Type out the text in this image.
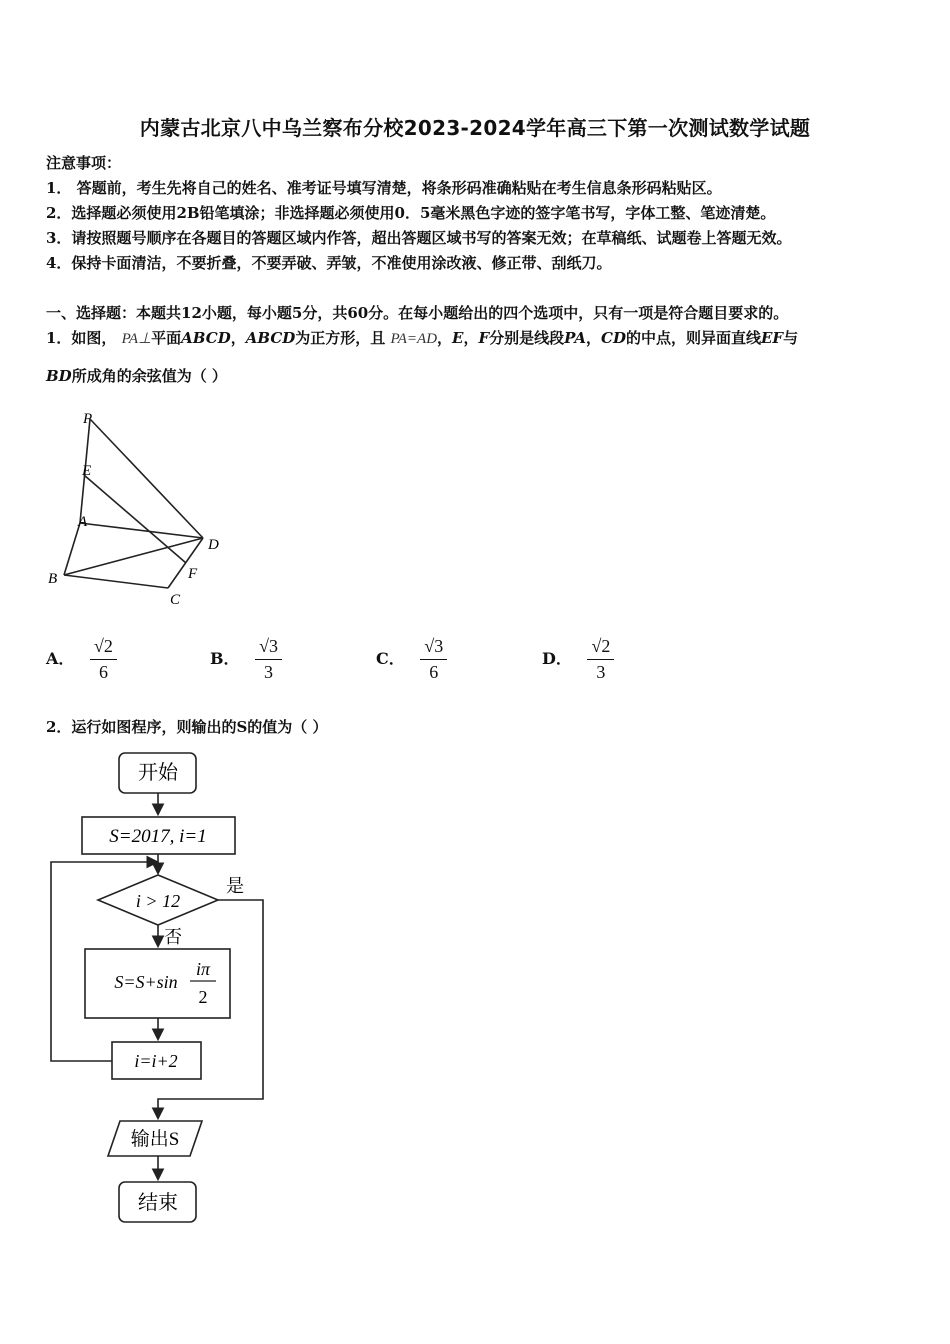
内蒙古北京八中乌兰察布分校2023-2024学年高三下第一次测试数学试题
注意事项：
1． 答题前，考生先将自己的姓名、准考证号填写清楚，将条形码准确粘贴在考生信息条形码粘贴区。
2．选择题必须使用2B铅笔填涂；非选择题必须使用0．5毫米黑色字迹的签字笔书写，字体工整、笔迹清楚。
3．请按照题号顺序在各题目的答题区域内作答，超出答题区域书写的答案无效；在草稿纸、试题卷上答题无效。
4．保持卡面清洁，不要折叠，不要弄破、弄皱，不准使用涂改液、修正带、刮纸刀。
一、选择题：本题共12小题，每小题5分，共60分。在每小题给出的四个选项中，只有一项是符合题目要求的。
1．如图， PA⊥平面ABCD，ABCD为正方形，且 PA=AD，E，F分别是线段PA，CD的中点，则异面直线EF与
BD所成角的余弦值为（ ）
P
E
A
D
B	F
C
A． $\frac{√2}{6}$	B． $\frac{√3}{3}$	C． $\frac{√3}{6}$	D． $\frac{√2}{3}$
2．运行如图程序，则输出的S的值为（ ）
开始
S=2017, i=1
i > 12
是
否
S=S+sin
iπ
2
i=i+2
输出S
结束
